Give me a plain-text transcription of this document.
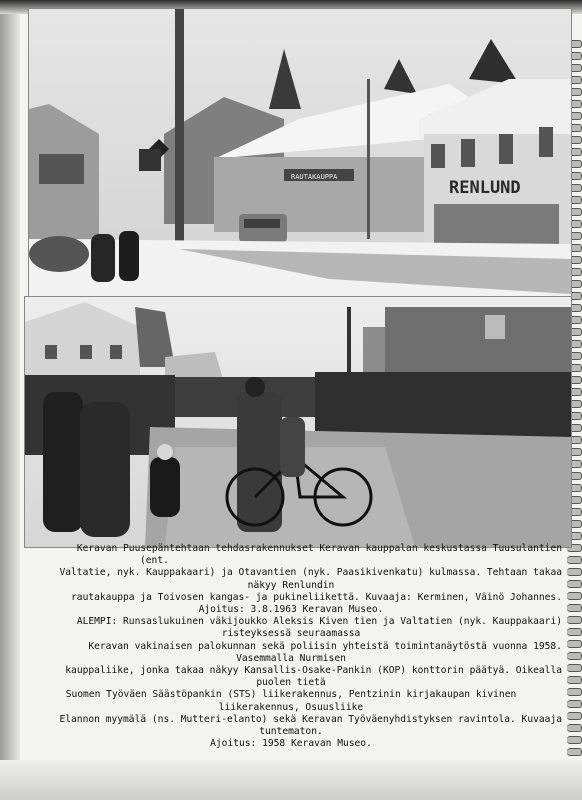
RENLUND
RAUTAKAUPPA

Keravan Puusepäntehtaan tehdasrakennukset Keravan kauppalan keskustassa Tuusulantien

(ent.

Valtatie, nyk. Kauppakaari) ja Otavantien (nyk. Paasikivenkatu) kulmassa. Tehtaan takaa

näkyy Renlundin

rautakauppa ja Toivosen kangas- ja pukineliikettä. Kuvaaja: Kerminen, Väinö Johannes.

Ajoitus: 3.8.1963 Keravan Museo.

ALEMPI: Runsaslukuinen väkijoukko Aleksis Kiven tien ja Valtatien (nyk. Kauppakaari)

risteyksessä seuraamassa

Keravan vakinaisen palokunnan sekä poliisin yhteistä toimintanäytöstä vuonna 1958.

Vasemmalla Nurmisen

kauppaliike, jonka takaa näkyy Kansallis-Osake-Pankin (KOP) konttorin päätyä. Oikealla

puolen tietä

Suomen Työväen Säästöpankin (STS) liikerakennus, Pentzinin kirjakaupan kivinen

liikerakennus, Osuusliike

Elannon myymälä (ns. Mutteri-elanto) sekä Keravan Työväenyhdistyksen ravintola. Kuvaaja

tuntematon.

Ajoitus: 1958 Keravan Museo.
